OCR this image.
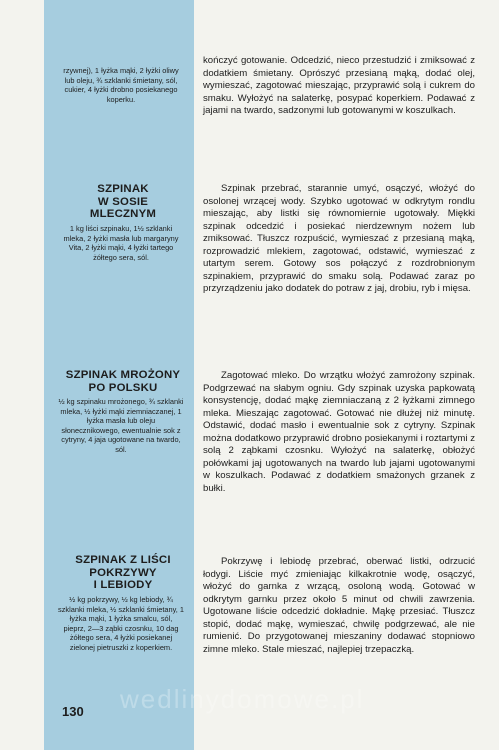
rzywnej), 1 łyżka mąki, 2 łyżki oliwy lub oleju, ¾ szklanki śmietany, sól, cukier, 4 łyżki drobno posiekanego koperku.
kończyć gotowanie. Odcedzić, nieco przestudzić i zmiksować z dodatkiem śmietany. Oprószyć przesianą mąką, dodać olej, wymieszać, zagotować mieszając, przyprawić solą i cukrem do smaku. Wyłożyć na salaterkę, posypać koperkiem. Podawać z jajami na twardo, sadzonymi lub gotowanymi w koszulkach.
SZPINAK
W SOSIE
MLECZNYM
1 kg liści szpinaku, 1½ szklanki mleka, 2 łyżki masła lub margaryny Vita, 2 łyżki mąki, 4 łyżki tartego żółtego sera, sól.
Szpinak przebrać, starannie umyć, osączyć, włożyć do osolonej wrzącej wody. Szybko ugotować w odkrytym rondlu mieszając, aby listki się równomiernie ugotowały. Miękki szpinak odcedzić i posiekać nierdzewnym nożem lub zmiksować. Tłuszcz rozpuścić, wymieszać z przesianą mąką, rozprowadzić mlekiem, zagotować, odstawić, wymieszać z utartym serem. Gotowy sos połączyć z rozdrobnionym szpinakiem, przyprawić do smaku solą. Podawać zaraz po przyrządzeniu jako dodatek do potraw z jaj, drobiu, ryb i mięsa.
SZPINAK MROŻONY
PO POLSKU
½ kg szpinaku mrożonego, ¾ szklanki mleka, ½ łyżki mąki ziemniaczanej, 1 łyżka masła lub oleju słonecznikowego, ewentualnie sok z cytryny, 4 jaja ugotowane na twardo, sól.
Zagotować mleko. Do wrzątku włożyć zamrożony szpinak. Podgrzewać na słabym ogniu. Gdy szpinak uzyska papkowatą konsystencję, dodać mąkę ziemniaczaną z 2 łyżkami zimnego mleka. Mieszając zagotować. Gotować nie dłużej niż minutę. Odstawić, dodać masło i ewentualnie sok z cytryny. Szpinak można dodatkowo przyprawić drobno posiekanymi i roztartymi z solą 2 ząbkami czosnku. Wyłożyć na salaterkę, obłożyć połówkami jaj ugotowanych na twardo lub jajami ugotowanymi w koszulkach. Podawać z dodatkiem smażonych grzanek z bułki.
SZPINAK Z LIŚCI
POKRZYWY
I LEBIODY
½ kg pokrzywy, ½ kg lebiody, ¾ szklanki mleka, ½ szklanki śmietany, 1 łyżka mąki, 1 łyżka smalcu, sól, pieprz, 2—3 ząbki czosnku, 10 dag żółtego sera, 4 łyżki posiekanej zielonej pietruszki z koperkiem.
Pokrzywę i lebiodę przebrać, oberwać listki, odrzucić łodygi. Liście myć zmieniając kilkakrotnie wodę, osączyć, włożyć do garnka z wrzącą, osoloną wodą. Gotować w odkrytym garnku przez około 5 minut od chwili zawrzenia. Ugotowane liście odcedzić dokładnie. Mąkę przesiać. Tłuszcz stopić, dodać mąkę, wymieszać, chwilę podgrzewać, ale nie rumienić. Do przygotowanej mieszaniny dodawać stopniowo zimne mleko. Stale mieszać, najlepiej trzepaczką.
wedlinydomowe.pl
130
